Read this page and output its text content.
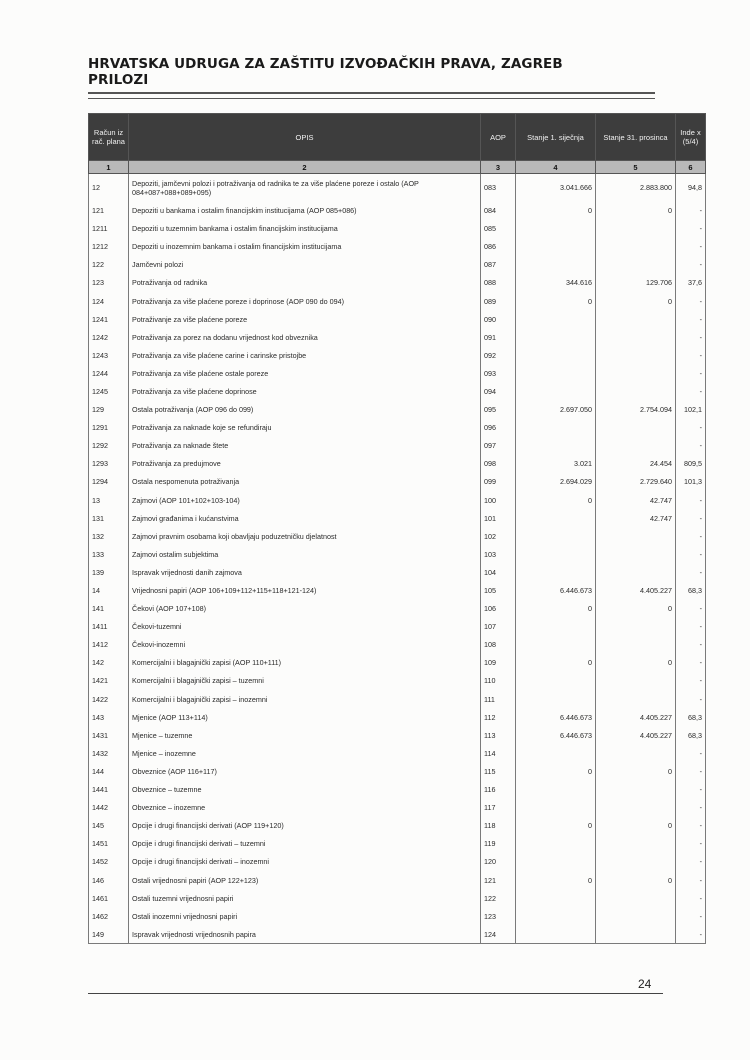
HRVATSKA UDRUGA ZA ZAŠTITU IZVOĐAČKIH PRAVA, ZAGREB
PRILOZI
Račun iz rač. plana	OPIS	AOP	Stanje 1. siječnja	Stanje 31. prosinca	Inde x (5/4)
1	2	3	4	5	6
12	Depoziti, jamčevni polozi i potraživanja od radnika te za više plaćene poreze i ostalo (AOP 084+087+088+089+095)	083	3.041.666	2.883.800	94,8
121	Depoziti u bankama i ostalim financijskim institucijama (AOP 085+086)	084	0	0	-
1211	Depoziti u tuzemnim bankama i ostalim financijskim institucijama	085			-
1212	Depoziti u inozemnim bankama i ostalim financijskim institucijama	086			-
122	Jamčevni polozi	087			-
123	Potraživanja od radnika	088	344.616	129.706	37,6
124	Potraživanja za više plaćene poreze i doprinose (AOP 090 do 094)	089	0	0	-
1241	Potraživanje za više plaćene poreze	090			-
1242	Potraživanja za porez na dodanu vrijednost kod obveznika	091			-
1243	Potraživanja za više plaćene carine i carinske pristojbe	092			-
1244	Potraživanja za više plaćene ostale poreze	093			-
1245	Potraživanja za više plaćene doprinose	094			-
129	Ostala potraživanja (AOP 096 do 099)	095	2.697.050	2.754.094	102,1
1291	Potraživanja za naknade koje se refundiraju	096			-
1292	Potraživanja za naknade štete	097			-
1293	Potraživanja za predujmove	098	3.021	24.454	809,5
1294	Ostala nespomenuta potraživanja	099	2.694.029	2.729.640	101,3
13	Zajmovi (AOP 101+102+103-104)	100	0	42.747	-
131	Zajmovi građanima i kućanstvima	101		42.747	-
132	Zajmovi pravnim osobama koji obavljaju poduzetničku djelatnost	102			-
133	Zajmovi ostalim subjektima	103			-
139	Ispravak vrijednosti danih zajmova	104			-
14	Vrijednosni papiri (AOP 106+109+112+115+118+121-124)	105	6.446.673	4.405.227	68,3
141	Čekovi (AOP 107+108)	106	0	0	-
1411	Čekovi-tuzemni	107			-
1412	Čekovi-inozemni	108			-
142	Komercijalni i blagajnički zapisi (AOP 110+111)	109	0	0	-
1421	Komercijalni i blagajnički zapisi – tuzemni	110			-
1422	Komercijalni i blagajnički zapisi – inozemni	111			-
143	Mjenice (AOP 113+114)	112	6.446.673	4.405.227	68,3
1431	Mjenice – tuzemne	113	6.446.673	4.405.227	68,3
1432	Mjenice – inozemne	114			-
144	Obveznice (AOP 116+117)	115	0	0	-
1441	Obveznice – tuzemne	116			-
1442	Obveznice – inozemne	117			-
145	Opcije i drugi financijski derivati (AOP 119+120)	118	0	0	-
1451	Opcije i drugi financijski derivati – tuzemni	119			-
1452	Opcije i drugi financijski derivati – inozemni	120			-
146	Ostali vrijednosni papiri (AOP 122+123)	121	0	0	-
1461	Ostali tuzemni vrijednosni papiri	122			-
1462	Ostali inozemni vrijednosni papiri	123			-
149	Ispravak vrijednosti vrijednosnih papira	124			-
24
